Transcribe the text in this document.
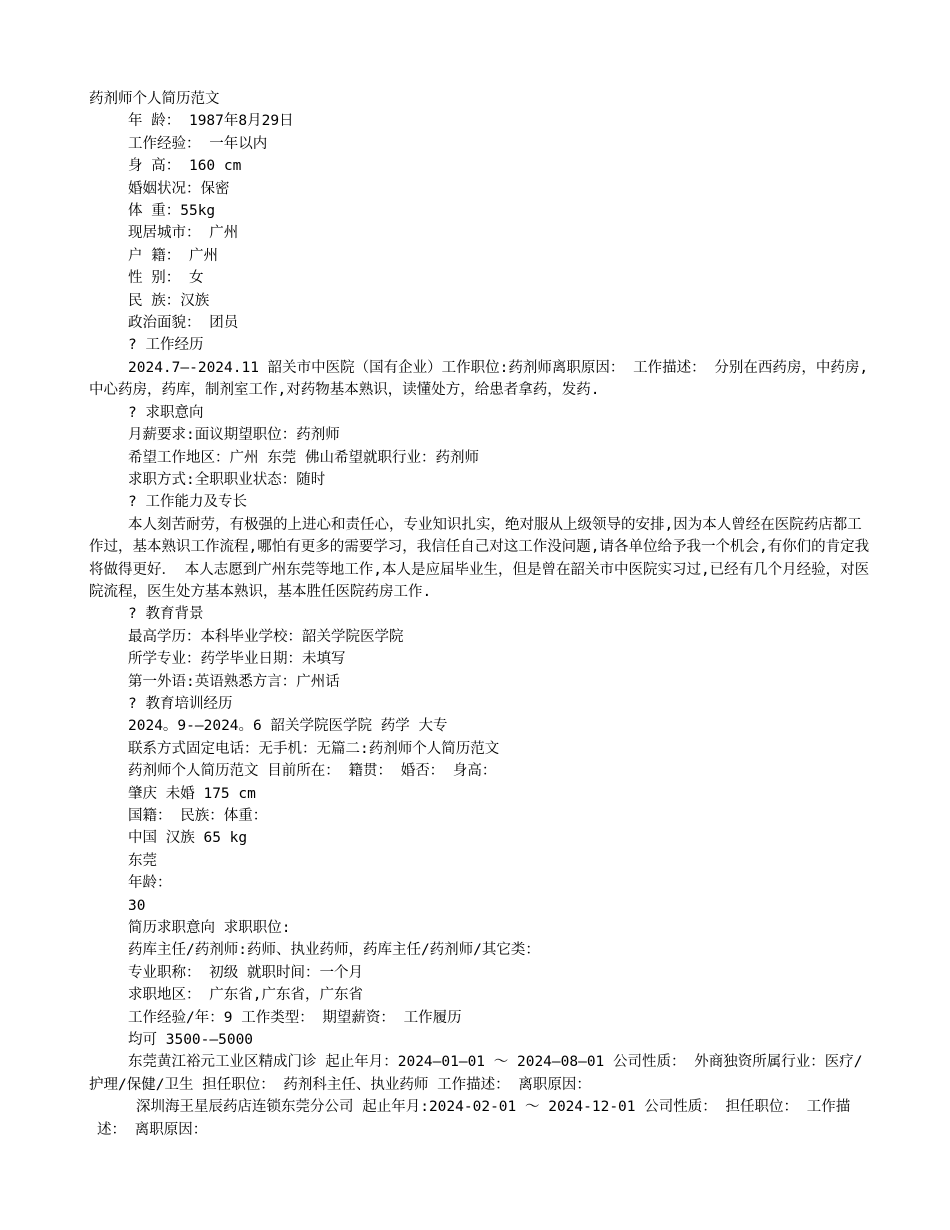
药剂师个人简历范文

年 龄： 1987年8月29日

工作经验： 一年以内

身 高： 160 cm

婚姻状况：保密

体 重：55kg

现居城市： 广州

户 籍： 广州

性 别： 女

民 族：汉族

政治面貌： 团员

? 工作经历

2024.7—-2024.11 韶关市中医院（国有企业）工作职位:药剂师离职原因： 工作描述： 分别在西药房，中药房,中心药房，药库，制剂室工作,对药物基本熟识，读懂处方，给患者拿药，发药.

? 求职意向

月薪要求:面议期望职位：药剂师

希望工作地区：广州 东莞 佛山希望就职行业：药剂师

求职方式:全职职业状态：随时

? 工作能力及专长

本人刻苦耐劳，有极强的上进心和责任心，专业知识扎实，绝对服从上级领导的安排,因为本人曾经在医院药店都工作过，基本熟识工作流程,哪怕有更多的需要学习，我信任自己对这工作没问题,请各单位给予我一个机会,有你们的肯定我将做得更好． 本人志愿到广州东莞等地工作,本人是应届毕业生，但是曾在韶关市中医院实习过,已经有几个月经验，对医院流程，医生处方基本熟识，基本胜任医院药房工作.

? 教育背景

最高学历：本科毕业学校：韶关学院医学院

所学专业：药学毕业日期：未填写

第一外语:英语熟悉方言：广州话

? 教育培训经历

2024。9-—2024。6 韶关学院医学院 药学 大专

联系方式固定电话：无手机：无篇二:药剂师个人简历范文

药剂师个人简历范文 目前所在： 籍贯： 婚否： 身高：

肇庆 未婚 175 cm

国籍： 民族：体重：

中国 汉族 65 kg

东莞

年龄：

30

简历求职意向 求职职位:

药库主任/药剂师:药师、执业药师，药库主任/药剂师/其它类：

专业职称： 初级 就职时间：一个月

求职地区： 广东省,广东省，广东省

工作经验/年：9 工作类型： 期望薪资： 工作履历

均可 3500-—5000

东莞黄江裕元工业区精成门诊 起止年月：2024—01—01 ～ 2024—08—01 公司性质： 外商独资所属行业：医疗/护理/保健/卫生 担任职位： 药剂科主任、执业药师 工作描述： 离职原因：

深圳海王星辰药店连锁东莞分公司 起止年月:2024-02-01 ～ 2024-12-01 公司性质： 担任职位： 工作描述： 离职原因：
